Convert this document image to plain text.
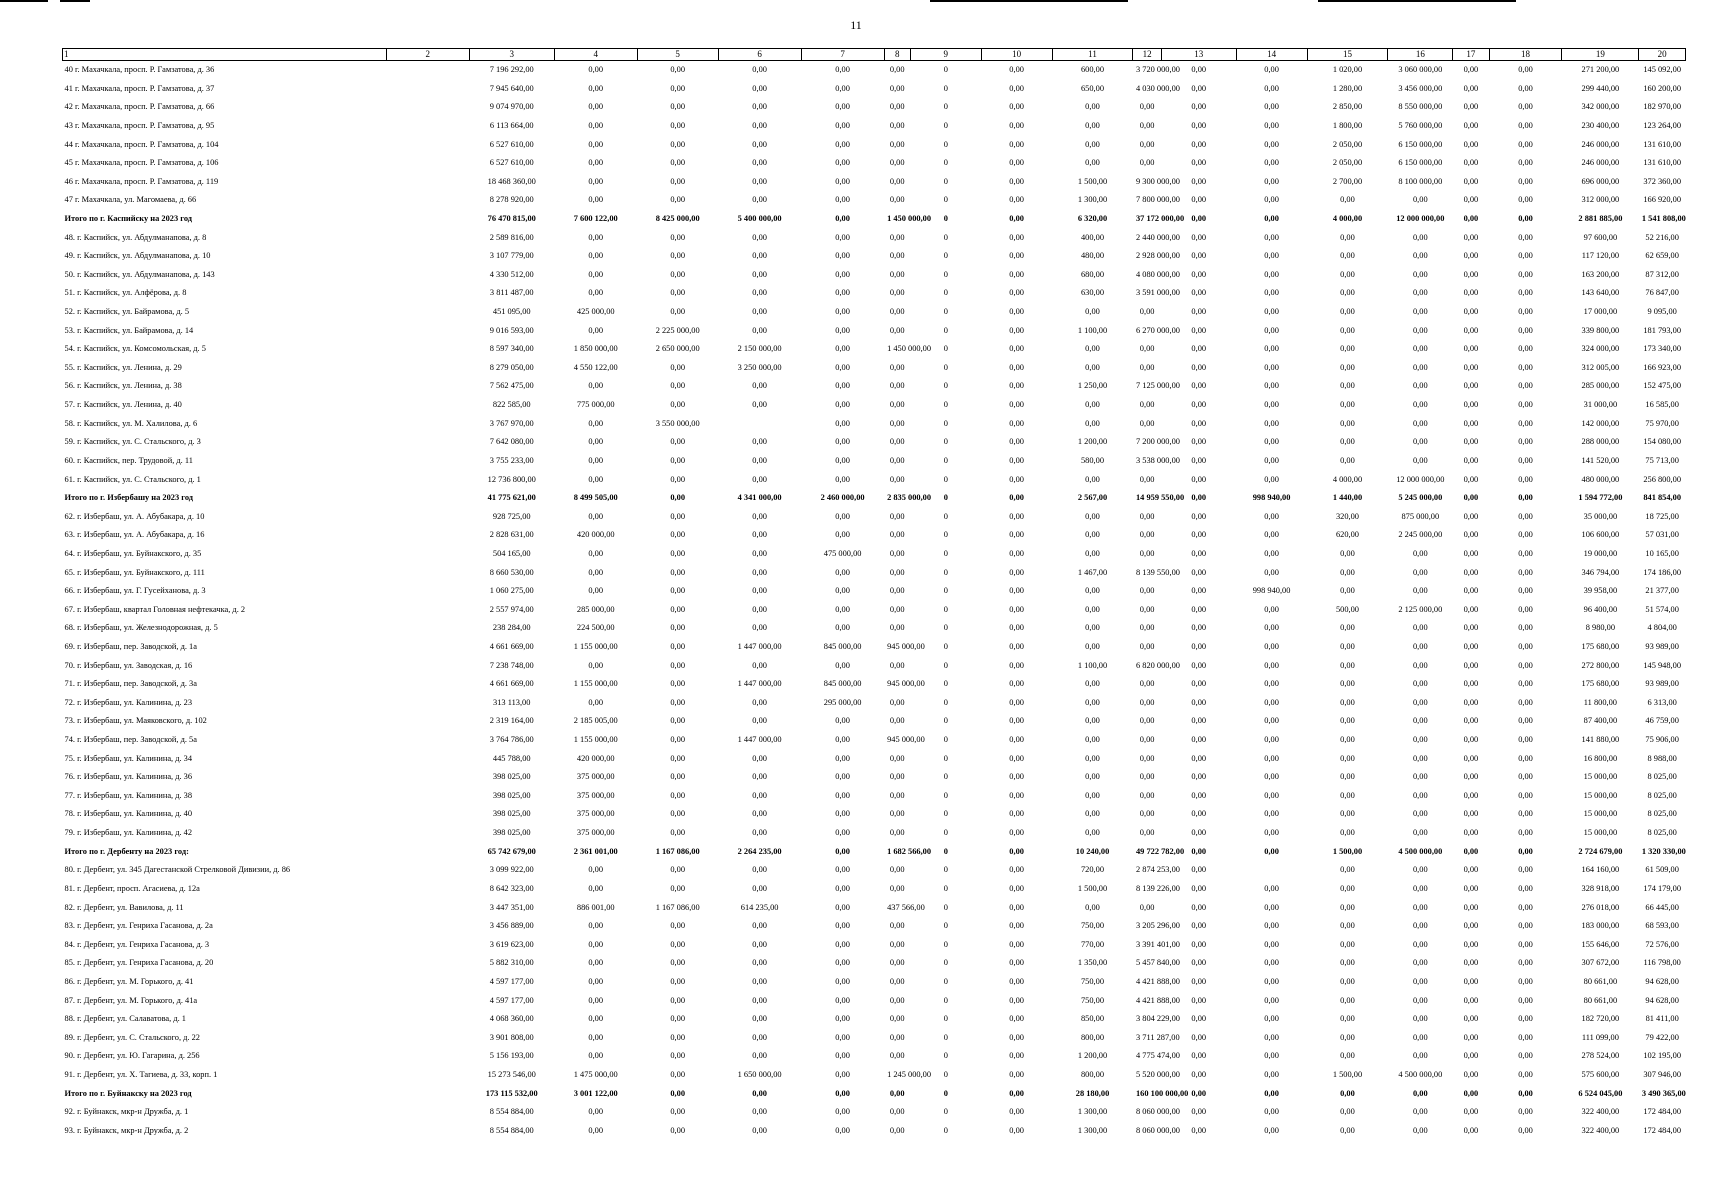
11
1	2	3	4	5	6	7	8	9	10	11	12	13	14	15	16	17	18	19	20
40 г. Махачкала, просп. Р. Гамзатова, д. 36		7 196 292,00	0,00	0,00	0,00	0,00	0,00	0	0,00	600,00	3 720 000,00	0,00	0,00	1 020,00	3 060 000,00	0,00	0,00	271 200,00	145 092,00
41 г. Махачкала, просп. Р. Гамзатова, д. 37		7 945 640,00	0,00	0,00	0,00	0,00	0,00	0	0,00	650,00	4 030 000,00	0,00	0,00	1 280,00	3 456 000,00	0,00	0,00	299 440,00	160 200,00
42 г. Махачкала, просп. Р. Гамзатова, д. 66		9 074 970,00	0,00	0,00	0,00	0,00	0,00	0	0,00	0,00	0,00	0,00	0,00	2 850,00	8 550 000,00	0,00	0,00	342 000,00	182 970,00
43 г. Махачкала, просп. Р. Гамзатова, д. 95		6 113 664,00	0,00	0,00	0,00	0,00	0,00	0	0,00	0,00	0,00	0,00	0,00	1 800,00	5 760 000,00	0,00	0,00	230 400,00	123 264,00
44 г. Махачкала, просп. Р. Гамзатова, д. 104		6 527 610,00	0,00	0,00	0,00	0,00	0,00	0	0,00	0,00	0,00	0,00	0,00	2 050,00	6 150 000,00	0,00	0,00	246 000,00	131 610,00
45 г. Махачкала, просп. Р. Гамзатова, д. 106		6 527 610,00	0,00	0,00	0,00	0,00	0,00	0	0,00	0,00	0,00	0,00	0,00	2 050,00	6 150 000,00	0,00	0,00	246 000,00	131 610,00
46 г. Махачкала, просп. Р. Гамзатова, д. 119		18 468 360,00	0,00	0,00	0,00	0,00	0,00	0	0,00	1 500,00	9 300 000,00	0,00	0,00	2 700,00	8 100 000,00	0,00	0,00	696 000,00	372 360,00
47 г. Махачкала, ул. Магомаева, д. 66		8 278 920,00	0,00	0,00	0,00	0,00	0,00	0	0,00	1 300,00	7 800 000,00	0,00	0,00	0,00	0,00	0,00	0,00	312 000,00	166 920,00
Итого по г. Каспийску на 2023 год		76 470 815,00	7 600 122,00	8 425 000,00	5 400 000,00	0,00	1 450 000,00	0	0,00	6 320,00	37 172 000,00	0,00	0,00	4 000,00	12 000 000,00	0,00	0,00	2 881 885,00	1 541 808,00
48. г. Каспийск, ул. Абдулманапова, д. 8		2 589 816,00	0,00	0,00	0,00	0,00	0,00	0	0,00	400,00	2 440 000,00	0,00	0,00	0,00	0,00	0,00	0,00	97 600,00	52 216,00
49. г. Каспийск, ул. Абдулманапова, д. 10		3 107 779,00	0,00	0,00	0,00	0,00	0,00	0	0,00	480,00	2 928 000,00	0,00	0,00	0,00	0,00	0,00	0,00	117 120,00	62 659,00
50. г. Каспийск, ул. Абдулманапова, д. 143		4 330 512,00	0,00	0,00	0,00	0,00	0,00	0	0,00	680,00	4 080 000,00	0,00	0,00	0,00	0,00	0,00	0,00	163 200,00	87 312,00
51. г. Каспийск, ул. Алфёрова, д. 8		3 811 487,00	0,00	0,00	0,00	0,00	0,00	0	0,00	630,00	3 591 000,00	0,00	0,00	0,00	0,00	0,00	0,00	143 640,00	76 847,00
52. г. Каспийск, ул. Байрамова, д. 5		451 095,00	425 000,00	0,00	0,00	0,00	0,00	0	0,00	0,00	0,00	0,00	0,00	0,00	0,00	0,00	0,00	17 000,00	9 095,00
53. г. Каспийск, ул. Байрамова, д. 14		9 016 593,00	0,00	2 225 000,00	0,00	0,00	0,00	0	0,00	1 100,00	6 270 000,00	0,00	0,00	0,00	0,00	0,00	0,00	339 800,00	181 793,00
54. г. Каспийск, ул. Комсомольская, д. 5		8 597 340,00	1 850 000,00	2 650 000,00	2 150 000,00	0,00	1 450 000,00	0	0,00	0,00	0,00	0,00	0,00	0,00	0,00	0,00	0,00	324 000,00	173 340,00
55. г. Каспийск, ул. Ленина, д. 29		8 279 050,00	4 550 122,00	0,00	3 250 000,00	0,00	0,00	0	0,00	0,00	0,00	0,00	0,00	0,00	0,00	0,00	0,00	312 005,00	166 923,00
56. г. Каспийск, ул. Ленина, д. 38		7 562 475,00	0,00	0,00	0,00	0,00	0,00	0	0,00	1 250,00	7 125 000,00	0,00	0,00	0,00	0,00	0,00	0,00	285 000,00	152 475,00
57. г. Каспийск, ул. Ленина, д. 40		822 585,00	775 000,00	0,00	0,00	0,00	0,00	0	0,00	0,00	0,00	0,00	0,00	0,00	0,00	0,00	0,00	31 000,00	16 585,00
58. г. Каспийск, ул. М. Халилова, д. 6		3 767 970,00	0,00	3 550 000,00		0,00	0,00	0	0,00	0,00	0,00	0,00	0,00	0,00	0,00	0,00	0,00	142 000,00	75 970,00
59. г. Каспийск, ул. С. Стальского, д. 3		7 642 080,00	0,00	0,00	0,00	0,00	0,00	0	0,00	1 200,00	7 200 000,00	0,00	0,00	0,00	0,00	0,00	0,00	288 000,00	154 080,00
60. г. Каспийск, пер. Трудовой, д. 11		3 755 233,00	0,00	0,00	0,00	0,00	0,00	0	0,00	580,00	3 538 000,00	0,00	0,00	0,00	0,00	0,00	0,00	141 520,00	75 713,00
61. г. Каспийск, ул. С. Стальского, д. 1		12 736 800,00	0,00	0,00	0,00	0,00	0,00	0	0,00	0,00	0,00	0,00	0,00	4 000,00	12 000 000,00	0,00	0,00	480 000,00	256 800,00
Итого по г. Избербашу на 2023 год		41 775 621,00	8 499 505,00	0,00	4 341 000,00	2 460 000,00	2 835 000,00	0	0,00	2 567,00	14 959 550,00	0,00	998 940,00	1 440,00	5 245 000,00	0,00	0,00	1 594 772,00	841 854,00
62. г. Избербаш, ул. А. Абубакара, д. 10		928 725,00	0,00	0,00	0,00	0,00	0,00	0	0,00	0,00	0,00	0,00	0,00	320,00	875 000,00	0,00	0,00	35 000,00	18 725,00
63. г. Избербаш, ул. А. Абубакара, д. 16		2 828 631,00	420 000,00	0,00	0,00	0,00	0,00	0	0,00	0,00	0,00	0,00	0,00	620,00	2 245 000,00	0,00	0,00	106 600,00	57 031,00
64. г. Избербаш, ул. Буйнакского, д. 35		504 165,00	0,00	0,00	0,00	475 000,00	0,00	0	0,00	0,00	0,00	0,00	0,00	0,00	0,00	0,00	0,00	19 000,00	10 165,00
65. г. Избербаш, ул. Буйнакского, д. 111		8 660 530,00	0,00	0,00	0,00	0,00	0,00	0	0,00	1 467,00	8 139 550,00	0,00	0,00	0,00	0,00	0,00	0,00	346 794,00	174 186,00
66. г. Избербаш, ул. Г. Гусейханова, д. 3		1 060 275,00	0,00	0,00	0,00	0,00	0,00	0	0,00	0,00	0,00	0,00	998 940,00	0,00	0,00	0,00	0,00	39 958,00	21 377,00
67. г. Избербаш, квартал Головная нефтекачка, д. 2		2 557 974,00	285 000,00	0,00	0,00	0,00	0,00	0	0,00	0,00	0,00	0,00	0,00	500,00	2 125 000,00	0,00	0,00	96 400,00	51 574,00
68. г. Избербаш, ул. Железнодорожная, д. 5		238 284,00	224 500,00	0,00	0,00	0,00	0,00	0	0,00	0,00	0,00	0,00	0,00	0,00	0,00	0,00	0,00	8 980,00	4 804,00
69. г. Избербаш, пер. Заводской, д. 1а		4 661 669,00	1 155 000,00	0,00	1 447 000,00	845 000,00	945 000,00	0	0,00	0,00	0,00	0,00	0,00	0,00	0,00	0,00	0,00	175 680,00	93 989,00
70. г. Избербаш, ул. Заводская, д. 16		7 238 748,00	0,00	0,00	0,00	0,00	0,00	0	0,00	1 100,00	6 820 000,00	0,00	0,00	0,00	0,00	0,00	0,00	272 800,00	145 948,00
71. г. Избербаш, пер. Заводской, д. 3а		4 661 669,00	1 155 000,00	0,00	1 447 000,00	845 000,00	945 000,00	0	0,00	0,00	0,00	0,00	0,00	0,00	0,00	0,00	0,00	175 680,00	93 989,00
72. г. Избербаш, ул. Калинина, д. 23		313 113,00	0,00	0,00	0,00	295 000,00	0,00	0	0,00	0,00	0,00	0,00	0,00	0,00	0,00	0,00	0,00	11 800,00	6 313,00
73. г. Избербаш, ул. Маяковского, д. 102		2 319 164,00	2 185 005,00	0,00	0,00	0,00	0,00	0	0,00	0,00	0,00	0,00	0,00	0,00	0,00	0,00	0,00	87 400,00	46 759,00
74. г. Избербаш, пер. Заводской, д. 5а		3 764 786,00	1 155 000,00	0,00	1 447 000,00	0,00	945 000,00	0	0,00	0,00	0,00	0,00	0,00	0,00	0,00	0,00	0,00	141 880,00	75 906,00
75. г. Избербаш, ул. Калинина, д. 34		445 788,00	420 000,00	0,00	0,00	0,00	0,00	0	0,00	0,00	0,00	0,00	0,00	0,00	0,00	0,00	0,00	16 800,00	8 988,00
76. г. Избербаш, ул. Калинина, д. 36		398 025,00	375 000,00	0,00	0,00	0,00	0,00	0	0,00	0,00	0,00	0,00	0,00	0,00	0,00	0,00	0,00	15 000,00	8 025,00
77. г. Избербаш, ул. Калинина, д. 38		398 025,00	375 000,00	0,00	0,00	0,00	0,00	0	0,00	0,00	0,00	0,00	0,00	0,00	0,00	0,00	0,00	15 000,00	8 025,00
78. г. Избербаш, ул. Калинина, д. 40		398 025,00	375 000,00	0,00	0,00	0,00	0,00	0	0,00	0,00	0,00	0,00	0,00	0,00	0,00	0,00	0,00	15 000,00	8 025,00
79. г. Избербаш, ул. Калинина, д. 42		398 025,00	375 000,00	0,00	0,00	0,00	0,00	0	0,00	0,00	0,00	0,00	0,00	0,00	0,00	0,00	0,00	15 000,00	8 025,00
Итого по г. Дербенту на 2023 год:		65 742 679,00	2 361 001,00	1 167 086,00	2 264 235,00	0,00	1 682 566,00	0	0,00	10 240,00	49 722 782,00	0,00	0,00	1 500,00	4 500 000,00	0,00	0,00	2 724 679,00	1 320 330,00
80. г. Дербент, ул. 345 Дагестанской Стрелковой Дивизии, д. 86		3 099 922,00	0,00	0,00	0,00	0,00	0,00	0	0,00	720,00	2 874 253,00	0,00		0,00	0,00	0,00	0,00	164 160,00	61 509,00
81. г. Дербент, просп. Агасиева, д. 12а		8 642 323,00	0,00	0,00	0,00	0,00	0,00	0	0,00	1 500,00	8 139 226,00	0,00	0,00	0,00	0,00	0,00	0,00	328 918,00	174 179,00
82. г. Дербент, ул. Вавилова, д. 11		3 447 351,00	886 001,00	1 167 086,00	614 235,00	0,00	437 566,00	0	0,00	0,00	0,00	0,00	0,00	0,00	0,00	0,00	0,00	276 018,00	66 445,00
83. г. Дербент, ул. Генриха Гасанова, д. 2а		3 456 889,00	0,00	0,00	0,00	0,00	0,00	0	0,00	750,00	3 205 296,00	0,00	0,00	0,00	0,00	0,00	0,00	183 000,00	68 593,00
84. г. Дербент, ул. Генриха Гасанова, д. 3		3 619 623,00	0,00	0,00	0,00	0,00	0,00	0	0,00	770,00	3 391 401,00	0,00	0,00	0,00	0,00	0,00	0,00	155 646,00	72 576,00
85. г. Дербент, ул. Генриха Гасанова, д. 20		5 882 310,00	0,00	0,00	0,00	0,00	0,00	0	0,00	1 350,00	5 457 840,00	0,00	0,00	0,00	0,00	0,00	0,00	307 672,00	116 798,00
86. г. Дербент, ул. М. Горького, д. 41		4 597 177,00	0,00	0,00	0,00	0,00	0,00	0	0,00	750,00	4 421 888,00	0,00	0,00	0,00	0,00	0,00	0,00	80 661,00	94 628,00
87. г. Дербент, ул. М. Горького, д. 41а		4 597 177,00	0,00	0,00	0,00	0,00	0,00	0	0,00	750,00	4 421 888,00	0,00	0,00	0,00	0,00	0,00	0,00	80 661,00	94 628,00
88. г. Дербент, ул. Салаватова, д. 1		4 068 360,00	0,00	0,00	0,00	0,00	0,00	0	0,00	850,00	3 804 229,00	0,00	0,00	0,00	0,00	0,00	0,00	182 720,00	81 411,00
89. г. Дербент, ул. С. Стальского, д. 22		3 901 808,00	0,00	0,00	0,00	0,00	0,00	0	0,00	800,00	3 711 287,00	0,00	0,00	0,00	0,00	0,00	0,00	111 099,00	79 422,00
90. г. Дербент, ул. Ю. Гагарина, д. 256		5 156 193,00	0,00	0,00	0,00	0,00	0,00	0	0,00	1 200,00	4 775 474,00	0,00	0,00	0,00	0,00	0,00	0,00	278 524,00	102 195,00
91. г. Дербент, ул. Х. Тагиева, д. 33, корп. 1		15 273 546,00	1 475 000,00	0,00	1 650 000,00	0,00	1 245 000,00	0	0,00	800,00	5 520 000,00	0,00	0,00	1 500,00	4 500 000,00	0,00	0,00	575 600,00	307 946,00
Итого по г. Буйнакску на 2023 год		173 115 532,00	3 001 122,00	0,00	0,00	0,00	0,00	0	0,00	28 180,00	160 100 000,00	0,00	0,00	0,00	0,00	0,00	0,00	6 524 045,00	3 490 365,00
92. г. Буйнакск, мкр-н Дружба, д. 1		8 554 884,00	0,00	0,00	0,00	0,00	0,00	0	0,00	1 300,00	8 060 000,00	0,00	0,00	0,00	0,00	0,00	0,00	322 400,00	172 484,00
93. г. Буйнакск, мкр-н Дружба, д. 2		8 554 884,00	0,00	0,00	0,00	0,00	0,00	0	0,00	1 300,00	8 060 000,00	0,00	0,00	0,00	0,00	0,00	0,00	322 400,00	172 484,00
